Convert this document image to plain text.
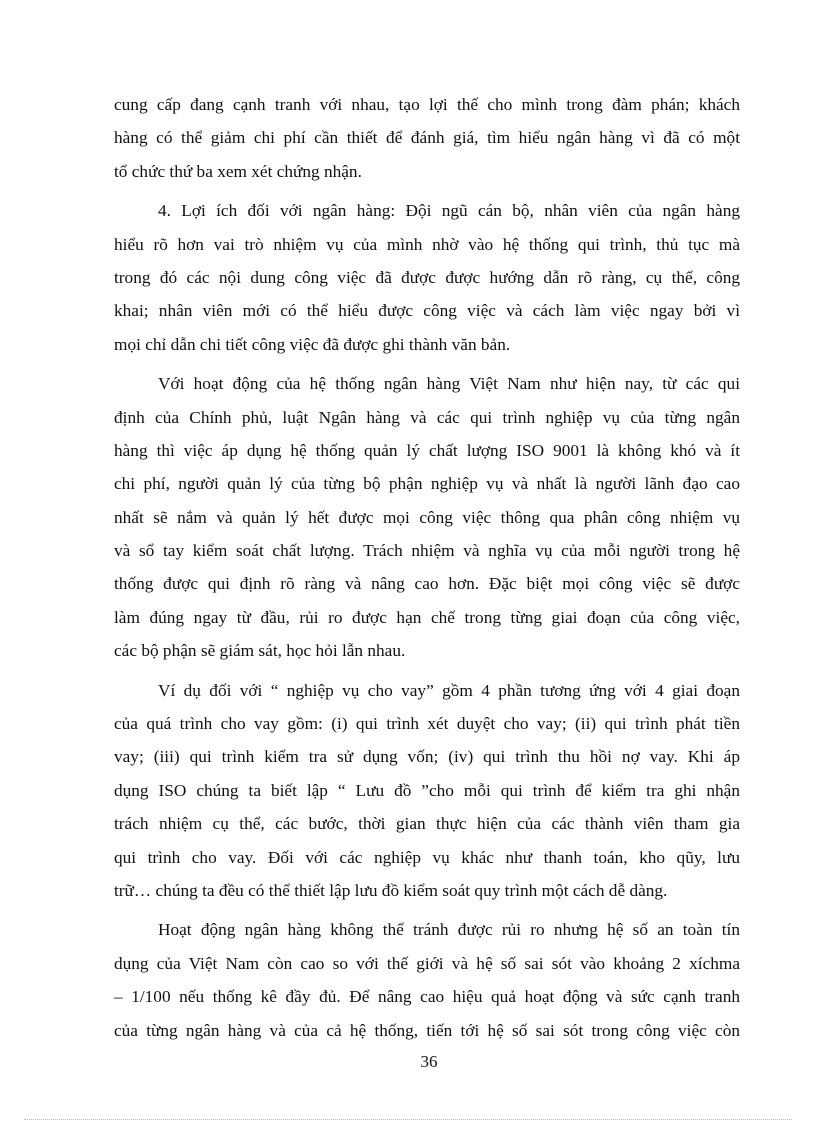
cung cấp đang cạnh tranh với nhau, tạo lợi thế cho mình trong đàm phán; khách
hàng có thể giảm chi phí cần thiết để đánh giá, tìm hiểu ngân hàng vì đã có một
tổ chức thứ ba xem xét chứng nhận.
4. Lợi ích đối với ngân hàng: Đội ngũ cán bộ, nhân viên của ngân hàng
hiểu rõ hơn vai trò nhiệm vụ của mình nhờ vào hệ thống qui trình, thủ tục mà
trong đó các nội dung công việc đã được được hướng dẫn rõ ràng, cụ thể, công
khai; nhân viên mới có thể hiểu được công việc và cách làm việc ngay bởi vì
mọi chỉ dẫn chi tiết công việc đã được ghi thành văn bản.
Với hoạt động của hệ thống ngân hàng Việt Nam như hiện nay, từ các qui
định của Chính phủ, luật Ngân hàng và các qui trình nghiệp vụ của từng ngân
hàng thì việc áp dụng hệ thống quản lý chất lượng ISO 9001 là không khó và ít
chi phí, người quản lý của từng bộ phận nghiệp vụ và nhất là người lãnh đạo cao
nhất sẽ nắm và quản lý hết được mọi công việc thông qua phân công nhiệm vụ
và sổ tay kiểm soát chất lượng. Trách nhiệm và nghĩa vụ của mỗi người trong hệ
thống được qui định rõ ràng và nâng cao hơn. Đặc biệt mọi công việc sẽ được
làm đúng ngay từ đầu, rủi ro được hạn chế trong từng giai đoạn của công việc,
các bộ phận sẽ giám sát, học hỏi lẫn nhau.
Ví dụ đối với “ nghiệp vụ cho vay” gồm 4 phần tương ứng với 4 giai đoạn
của quá trình cho vay gồm: (i) qui trình xét duyệt cho vay; (ii) qui trình phát tiền
vay; (iii) qui trình kiểm tra sử dụng vốn; (iv) qui trình thu hồi nợ vay. Khi áp
dụng ISO chúng ta biết lập “ Lưu đồ ”cho mỗi qui trình để kiểm tra ghi nhận
trách nhiệm cụ thể, các bước, thời gian thực hiện của các thành viên tham gia
qui trình cho vay. Đối với các nghiệp vụ khác như thanh toán, kho qũy, lưu
trữ… chúng ta đều có thể thiết lập lưu đồ kiểm soát quy trình một cách dễ dàng.
Hoạt động ngân hàng không thể tránh được rủi ro nhưng hệ số an toàn tín
dụng của Việt Nam còn cao so với thế giới và hệ số sai sót vào khoảng 2 xíchma
– 1/100 nếu thống kê đầy đủ. Để nâng cao hiệu quả hoạt động và sức cạnh tranh
của từng ngân hàng và của cả hệ thống, tiến tới hệ số sai sót trong công việc còn
36
